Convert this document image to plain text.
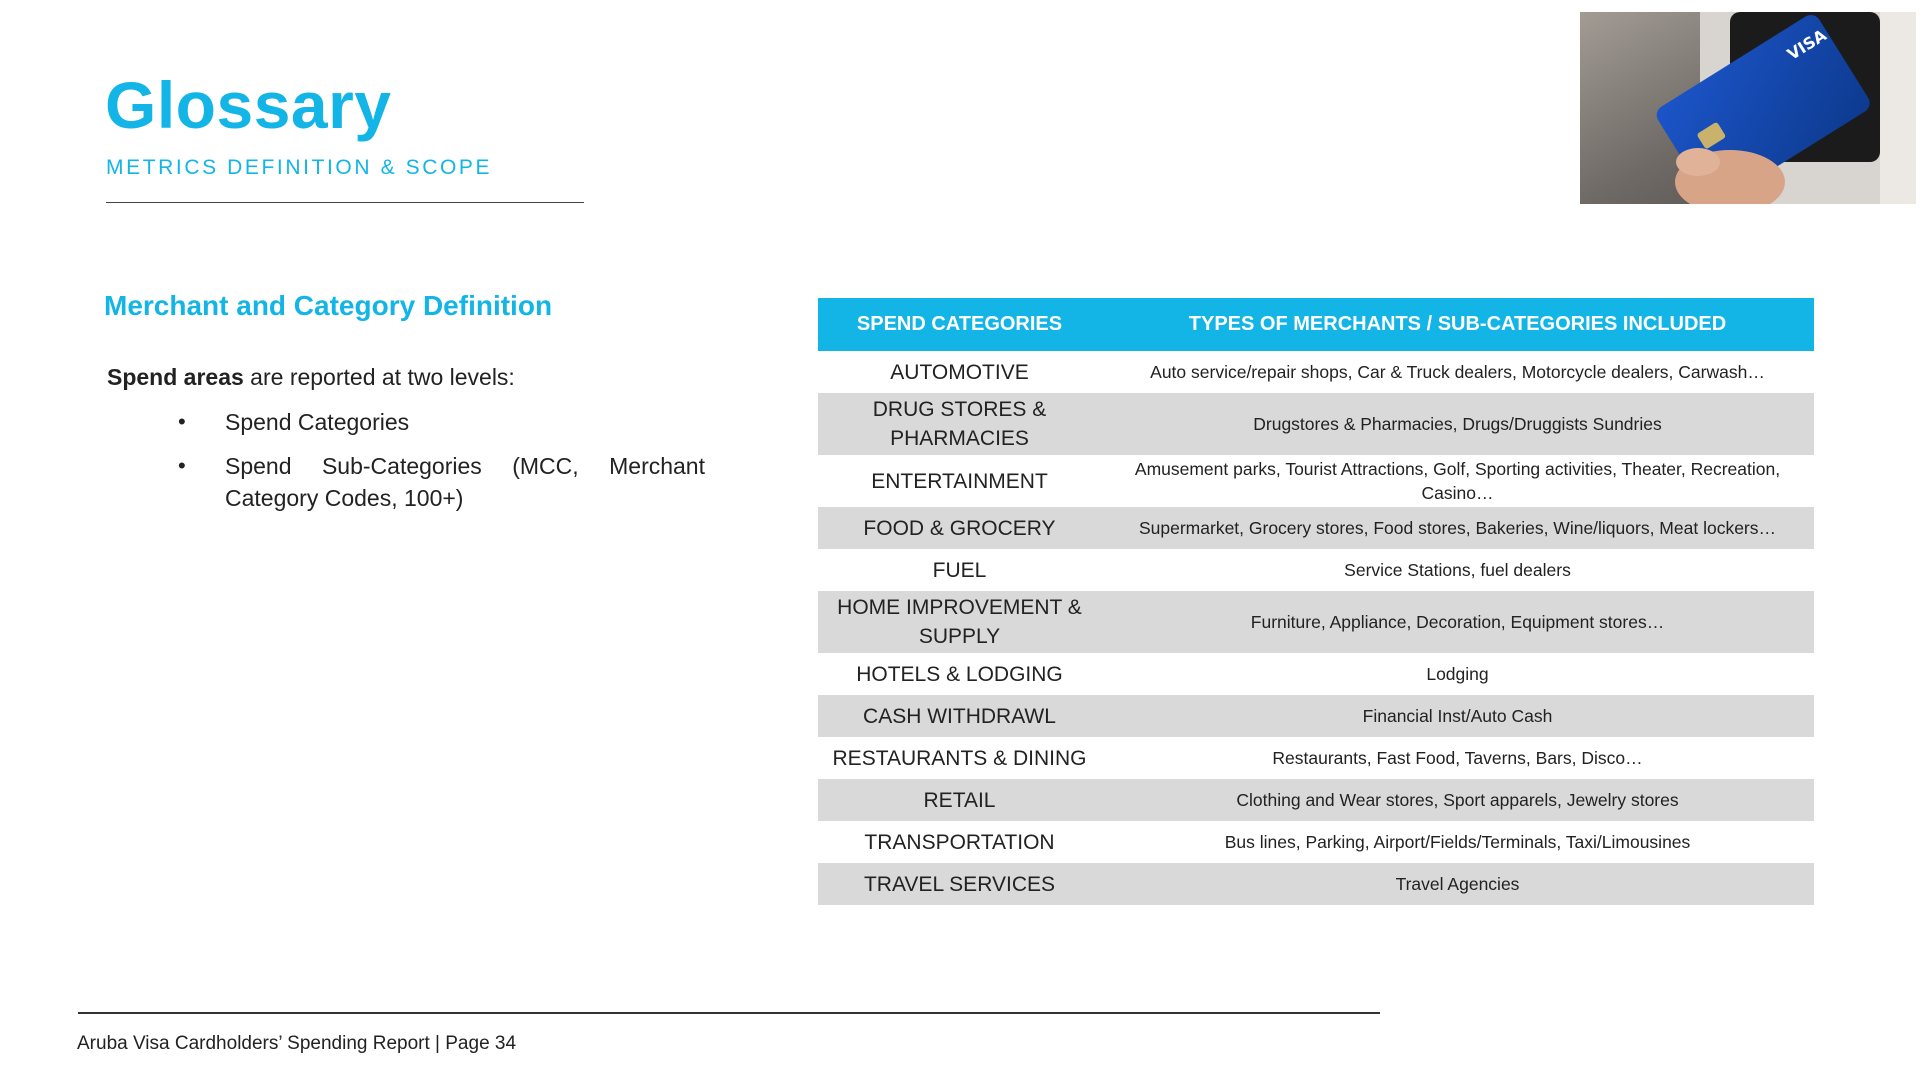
Glossary
METRICS DEFINITION & SCOPE
VISA
Merchant and Category Definition
Spend areas are reported at two levels:
• Spend Categories
• Spend Sub-Categories (MCC, Merchant Category Codes, 100+)
SPEND CATEGORIES	TYPES OF MERCHANTS / SUB-CATEGORIES INCLUDED
AUTOMOTIVE	Auto service/repair shops, Car & Truck dealers, Motorcycle dealers, Carwash…
DRUG STORES & PHARMACIES	Drugstores & Pharmacies, Drugs/Druggists Sundries
ENTERTAINMENT	Amusement parks, Tourist Attractions, Golf, Sporting activities, Theater, Recreation, Casino…
FOOD & GROCERY	Supermarket, Grocery stores, Food stores, Bakeries, Wine/liquors, Meat lockers…
FUEL	Service Stations, fuel dealers
HOME IMPROVEMENT & SUPPLY	Furniture, Appliance, Decoration, Equipment stores…
HOTELS & LODGING	Lodging
CASH WITHDRAWL	Financial Inst/Auto Cash
RESTAURANTS & DINING	Restaurants, Fast Food, Taverns, Bars, Disco…
RETAIL	Clothing and Wear stores, Sport apparels, Jewelry stores
TRANSPORTATION	Bus lines, Parking, Airport/Fields/Terminals, Taxi/Limousines
TRAVEL SERVICES	Travel Agencies
Aruba Visa Cardholders’ Spending Report | Page 34
